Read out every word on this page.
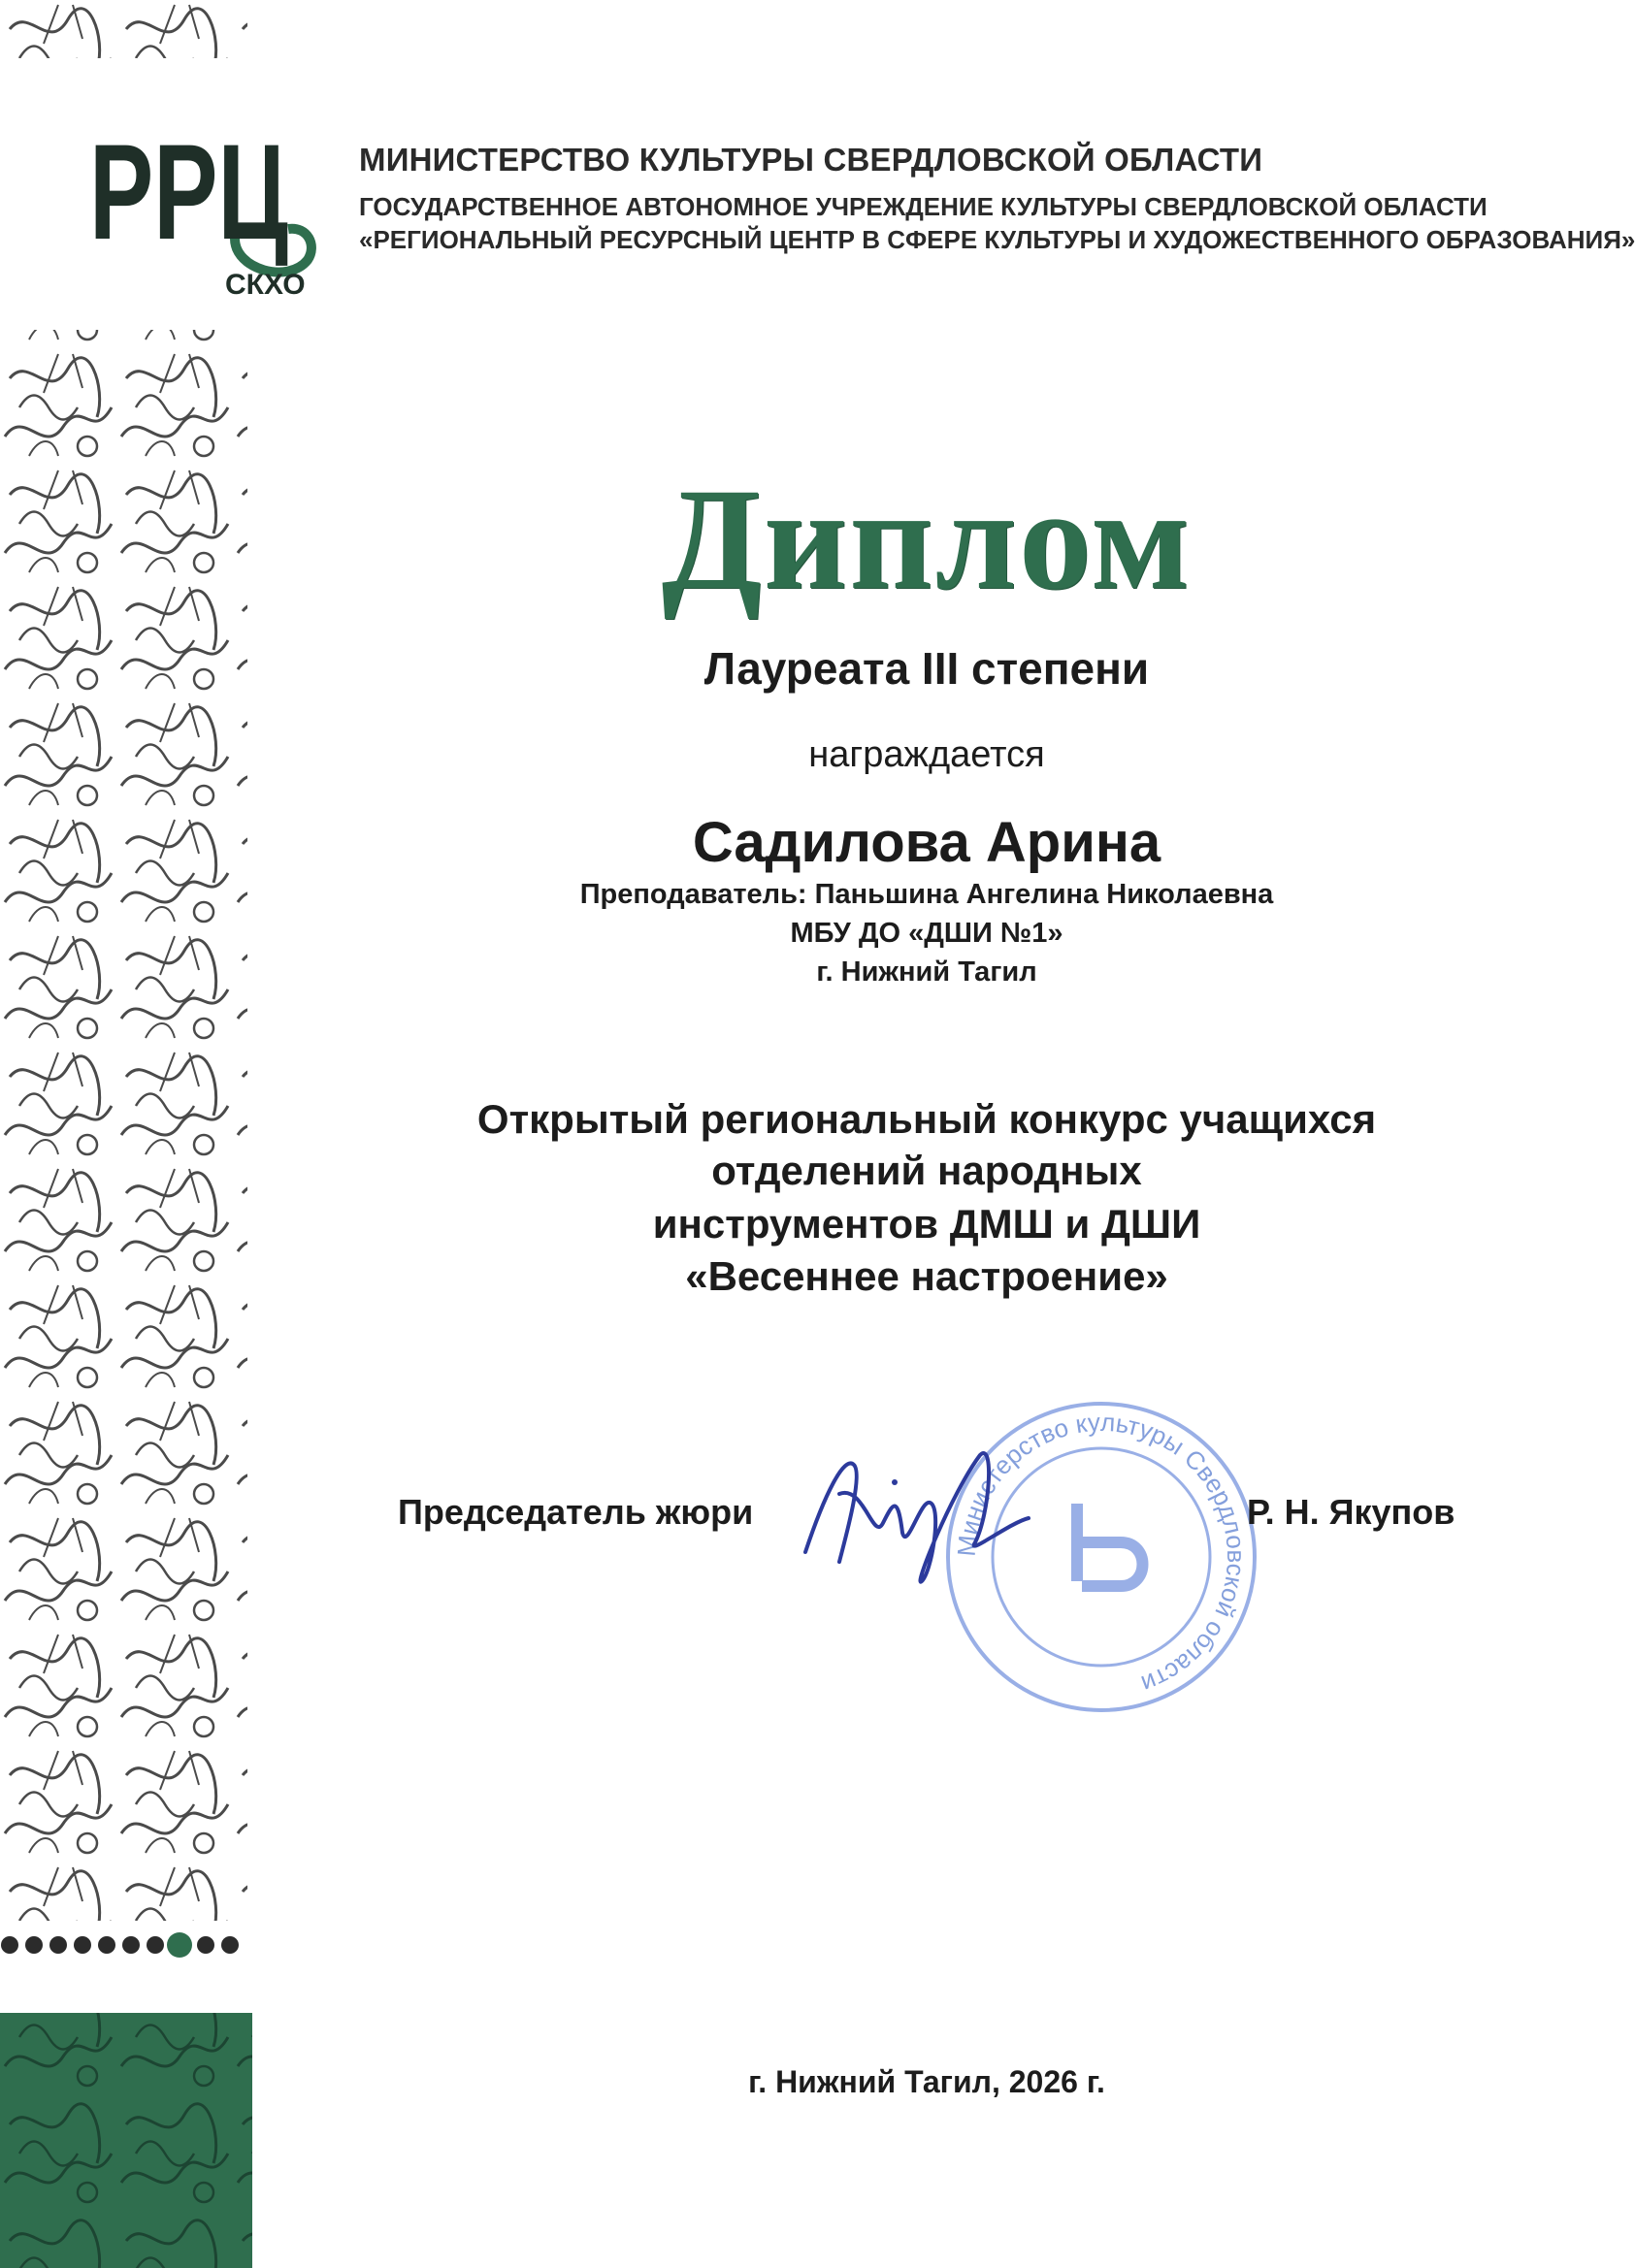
РРЦ
СКХО
МИНИСТЕРСТВО КУЛЬТУРЫ СВЕРДЛОВСКОЙ ОБЛАСТИ
ГОСУДАРСТВЕННОЕ АВТОНОМНОЕ УЧРЕЖДЕНИЕ КУЛЬТУРЫ СВЕРДЛОВСКОЙ ОБЛАСТИ
«РЕГИОНАЛЬНЫЙ РЕСУРСНЫЙ ЦЕНТР В СФЕРЕ КУЛЬТУРЫ И ХУДОЖЕСТВЕННОГО ОБРАЗОВАНИЯ»
Диплом
Лауреата III степени
награждается
Садилова Арина
Преподаватель: Паньшина Ангелина Николаевна
МБУ ДО «ДШИ №1»
г. Нижний Тагил
Открытый региональный конкурс учащихся
отделений народных
инструментов ДМШ и ДШИ
«Весеннее настроение»
Министерство культуры Свердловской области
Председатель жюри	Р. Н. Якупов
г. Нижний Тагил, 2026 г.
